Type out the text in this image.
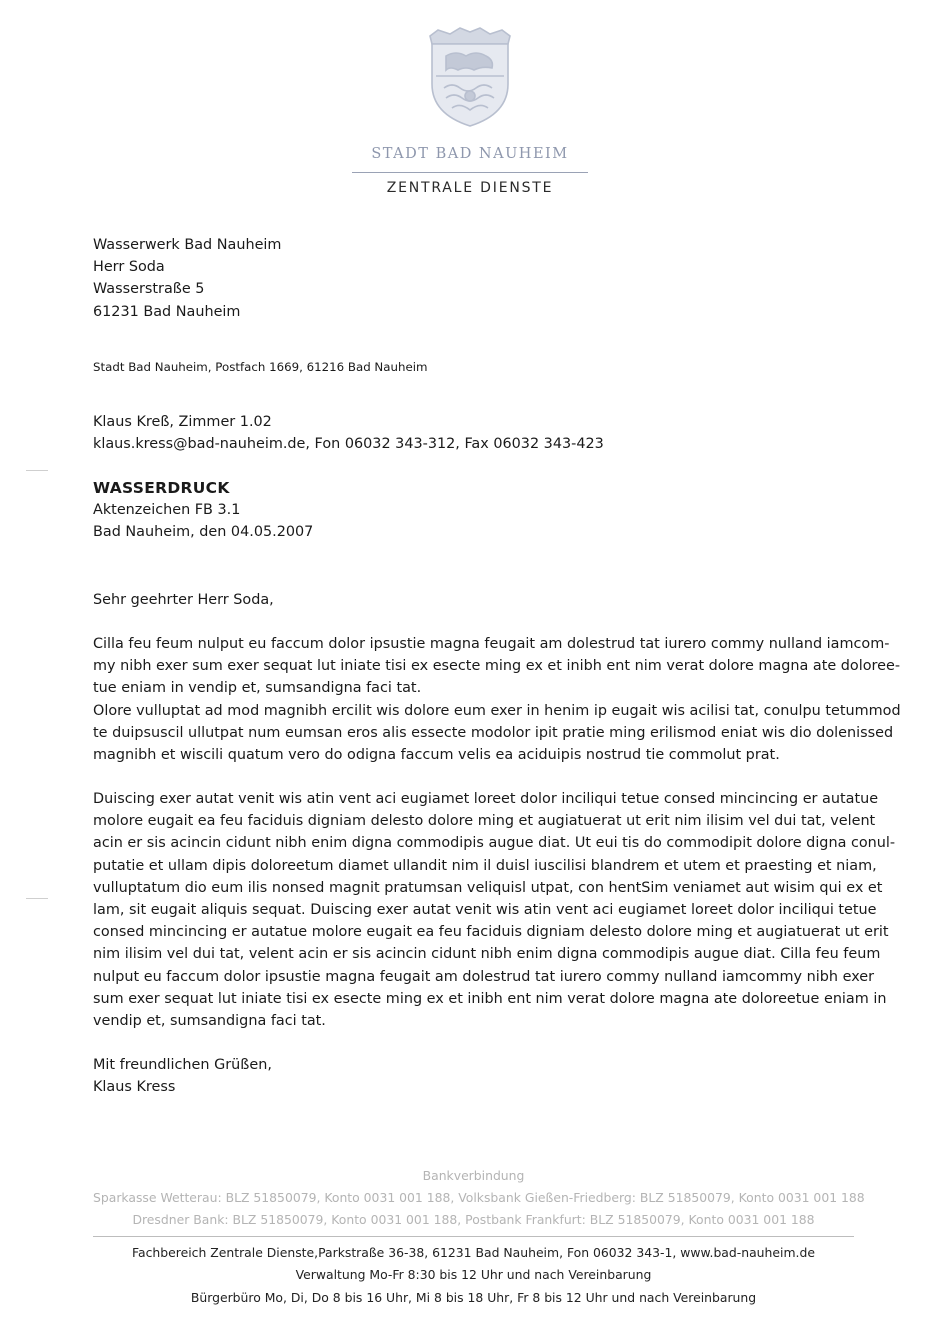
STADT BAD NAUHEIM
ZENTRALE DIENSTE
Wasserwerk Bad Nauheim
Herr Soda
Wasserstraße 5
61231 Bad Nauheim
Stadt Bad Nauheim, Postfach 1669, 61216 Bad Nauheim
Klaus Kreß, Zimmer 1.02
klaus.kress@bad-nauheim.de, Fon 06032 343-312, Fax 06032 343-423
WASSERDRUCK
Aktenzeichen FB 3.1
Bad Nauheim, den 04.05.2007
Sehr geehrter Herr Soda,

Cilla feu feum nulput eu faccum dolor ipsustie magna feugait am dolestrud tat iurero commy nulland iamcom-

my nibh exer sum exer sequat lut iniate tisi ex esecte ming ex et inibh ent nim verat dolore magna ate doloree-

tue eniam in vendip et, sumsandigna faci tat.

Olore vulluptat ad mod magnibh ercilit wis dolore eum exer in henim ip eugait wis acilisi tat, conulpu tetummod

te duipsuscil ullutpat num eumsan eros alis essecte modolor ipit pratie ming erilismod eniat wis dio dolenissed

magnibh et wiscili quatum vero do odigna faccum velis ea aciduipis nostrud tie commolut prat.

Duiscing exer autat venit wis atin vent aci eugiamet loreet dolor inciliqui tetue consed mincincing er autatue

molore eugait ea feu faciduis digniam delesto dolore ming et augiatuerat ut erit nim ilisim vel dui tat, velent

acin er sis acincin cidunt nibh enim digna commodipis augue diat. Ut eui tis do commodipit dolore digna conul-

putatie et ullam dipis doloreetum diamet ullandit nim il duisl iuscilisi blandrem et utem et praesting et niam,

vulluptatum dio eum ilis nonsed magnit pratumsan veliquisl utpat, con hentSim veniamet aut wisim qui ex et

lam, sit eugait aliquis sequat. Duiscing exer autat venit wis atin vent aci eugiamet loreet dolor inciliqui tetue

consed mincincing er autatue molore eugait ea feu faciduis digniam delesto dolore ming et augiatuerat ut erit

nim ilisim vel dui tat, velent acin er sis acincin cidunt nibh enim digna commodipis augue diat. Cilla feu feum

nulput eu faccum dolor ipsustie magna feugait am dolestrud tat iurero commy nulland iamcommy nibh exer

sum exer sequat lut iniate tisi ex esecte ming ex et inibh ent nim verat dolore magna ate doloreetue eniam in

vendip et, sumsandigna faci tat.

Mit freundlichen Grüßen,
Klaus Kress
Bankverbindung
Sparkasse Wetterau: BLZ 51850079, Konto 0031 001 188, Volksbank Gießen-Friedberg: BLZ 51850079, Konto 0031 001 188
Dresdner Bank: BLZ 51850079, Konto 0031 001 188, Postbank Frankfurt: BLZ 51850079, Konto 0031 001 188
Fachbereich Zentrale Dienste,Parkstraße 36-38, 61231 Bad Nauheim, Fon 06032 343-1, www.bad-nauheim.de
Verwaltung Mo-Fr 8:30 bis 12 Uhr und nach Vereinbarung
Bürgerbüro Mo, Di, Do 8 bis 16 Uhr, Mi 8 bis 18 Uhr, Fr 8 bis 12 Uhr und nach Vereinbarung
